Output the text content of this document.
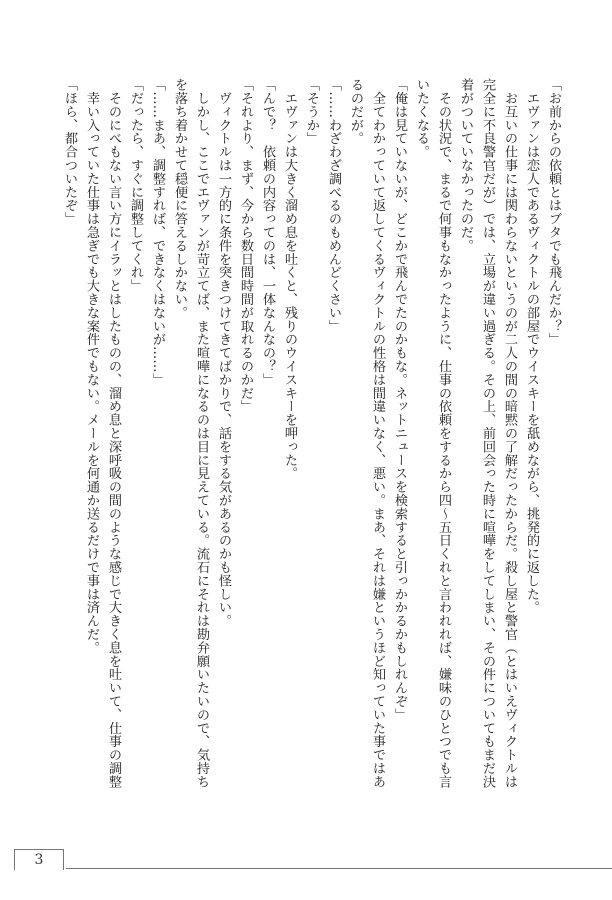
「お前からの依頼とはブタでも飛んだか？」
　エヴァンは恋人であるヴィクトルの部屋でウイスキーを舐めながら、挑発的に返した。
　お互いの仕事には関わらないというのが二人の間の暗黙の了解だったからだ。殺し屋と警官（とはいえヴィクトルは
完全に不良警官だが）では、立場が違い過ぎる。その上、前回会った時に喧嘩をしてしまい、その件についてもまだ決
着がついていなかったのだ。
　その状況で、まるで何事もなかったように、仕事の依頼をするから四～五日くれと言われれば、嫌味のひとつでも言
いたくなる。
「俺は見ていないが、どこかで飛んでたのかもな。ネットニュースを検索すると引っかかるかもしれんぞ」
　全てわかっていて返してくるヴィクトルの性格は間違いなく、悪い。まあ、それは嫌というほど知っていた事ではあ
るのだが。
「……わざわざ調べるのもめんどくさい」
「そうか」
　エヴァンは大きく溜め息を吐くと、残りのウイスキーを呷った。
「んで？　依頼の内容ってのは、一体なんなの？」
「それより、まず、今から数日間時間が取れるのかだ」
　ヴィクトルは一方的に条件を突きつけてきてばかりで、話をする気があるのかも怪しい。
　しかし、ここでエヴァンが苛立てば、また喧嘩になるのは目に見えている。流石にそれは勘弁願いたいので、気持ち
を落ち着かせて穏便に答えるしかない。
「……まあ、調整すれば、できなくはないが……」
「だったら、すぐに調整してくれ」
　そのにべもない言い方にイラッとはしたものの、溜め息と深呼吸の間のような感じで大きく息を吐いて、仕事の調整
　幸い入っていた仕事は急ぎでも大きな案件でもない。メールを何通か送るだけで事は済んだ。
「ほら、都合ついたぞ」
3
